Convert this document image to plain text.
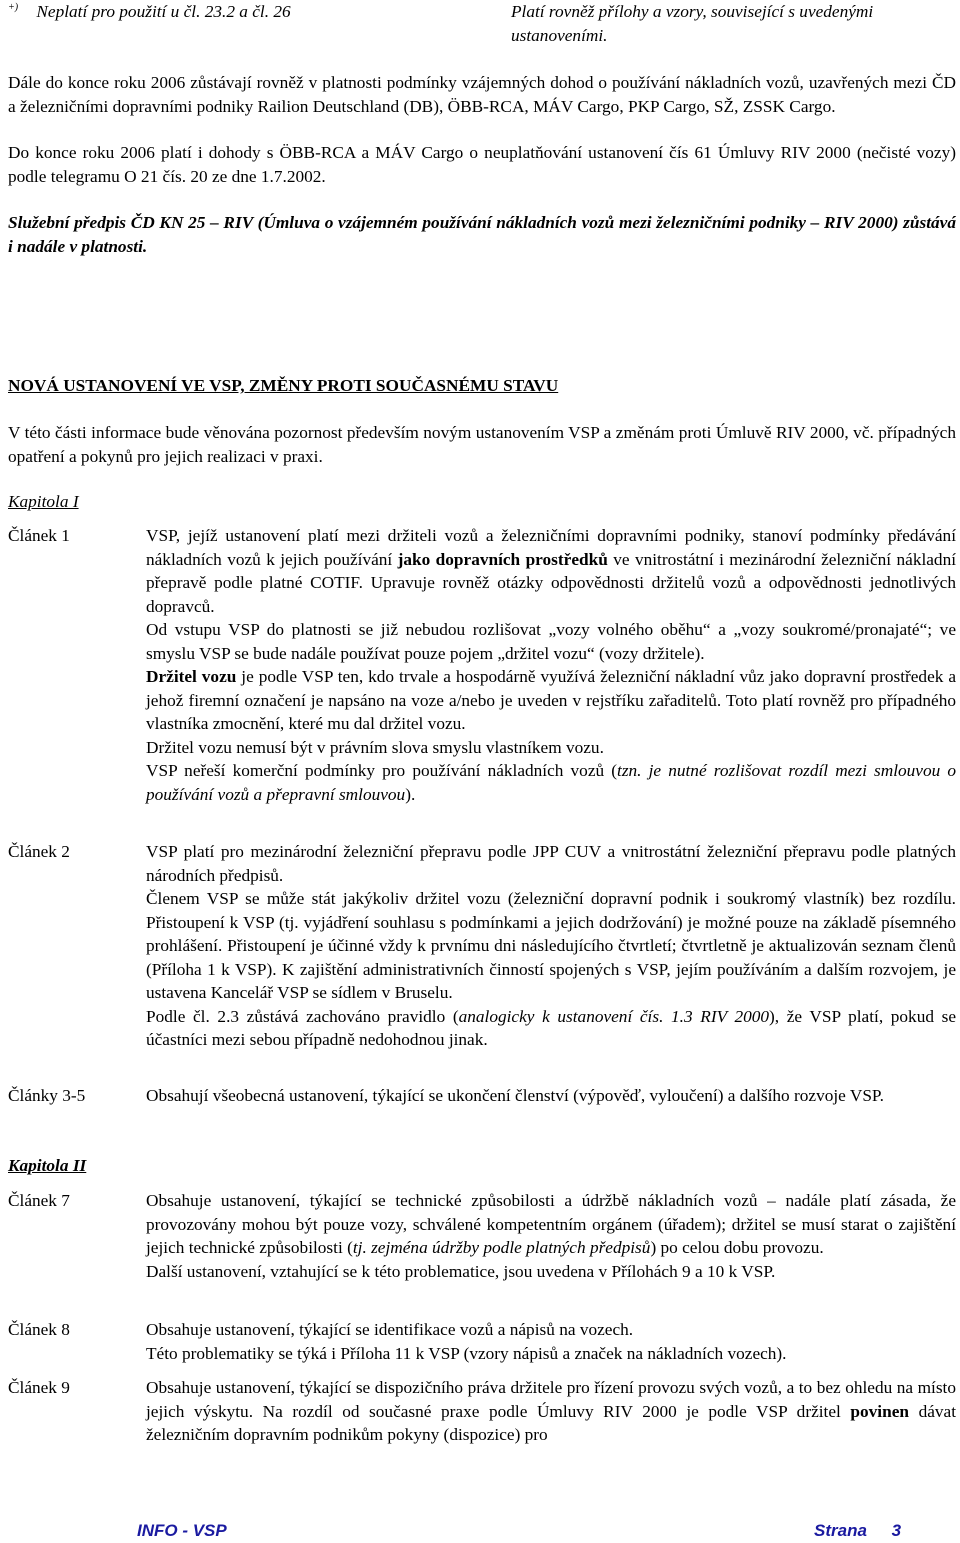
+) Neplatí pro použití u čl. 23.2 a čl. 26	Platí rovněž přílohy a vzory, související s uvedenými ustanoveními.
Dále do konce roku 2006 zůstávají rovněž v platnosti podmínky vzájemných dohod o používání nákladních vozů, uzavřených mezi ČD a železničními dopravními podniky Railion Deutschland (DB), ÖBB-RCA, MÁV Cargo, PKP Cargo, SŽ, ZSSK Cargo.
Do konce roku 2006 platí i dohody s ÖBB-RCA a MÁV Cargo o neuplatňování ustanovení čís 61 Úmluvy RIV 2000 (nečisté vozy) podle telegramu O 21 čís. 20 ze dne 1.7.2002.
Služební předpis ČD KN 25 – RIV (Úmluva o vzájemném používání nákladních vozů mezi železničními podniky – RIV 2000) zůstává i nadále v platnosti.
NOVÁ USTANOVENÍ VE VSP, ZMĚNY PROTI SOUČASNÉMU STAVU
V této části informace bude věnována pozornost především novým ustanovením VSP a změnám proti Úmluvě RIV 2000, vč. případných opatření a pokynů pro jejich realizaci v praxi.
Kapitola I
Článek 1	VSP, jejíž ustanovení platí mezi držiteli vozů a železničními dopravními podniky, stanoví podmínky předávání nákladních vozů k jejich používání jako dopravních prostředků ve vnitrostátní i mezinárodní železniční nákladní přepravě podle platné COTIF. Upravuje rovněž otázky odpovědnosti držitelů vozů a odpovědnosti jednotlivých dopravců.
Od vstupu VSP do platnosti se již nebudou rozlišovat „vozy volného oběhu“ a „vozy soukromé/pronajaté“; ve smyslu VSP se bude nadále používat pouze pojem „držitel vozu“ (vozy držitele).
Držitel vozu je podle VSP ten, kdo trvale a hospodárně využívá železniční nákladní vůz jako dopravní prostředek a jehož firemní označení je napsáno na voze a/nebo je uveden v rejstříku zařaditelů. Toto platí rovněž pro případného vlastníka zmocnění, které mu dal držitel vozu.
Držitel vozu nemusí být v právním slova smyslu vlastníkem vozu.
VSP neřeší komerční podmínky pro používání nákladních vozů (tzn. je nutné rozlišovat rozdíl mezi smlouvou o používání vozů a přepravní smlouvou).
Článek 2	VSP platí pro mezinárodní železniční přepravu podle JPP CUV a vnitrostátní železniční přepravu podle platných národních předpisů.
Členem VSP se může stát jakýkoliv držitel vozu (železniční dopravní podnik i soukromý vlastník) bez rozdílu. Přistoupení k VSP (tj. vyjádření souhlasu s podmínkami a jejich dodržování) je možné pouze na základě písemného prohlášení. Přistoupení je účinné vždy k prvnímu dni následujícího čtvrtletí; čtvrtletně je aktualizován seznam členů (Příloha 1 k VSP). K zajištění administrativních činností spojených s VSP, jejím používáním a dalším rozvojem, je ustavena Kancelář VSP se sídlem v Bruselu.
Podle čl. 2.3 zůstává zachováno pravidlo (analogicky k ustanovení čís. 1.3 RIV 2000), že VSP platí, pokud se účastníci mezi sebou případně nedohodnou jinak.
Články 3-5	Obsahují všeobecná ustanovení, týkající se ukončení členství (výpověď, vyloučení) a dalšího rozvoje VSP.
Kapitola II
Článek 7	Obsahuje ustanovení, týkající se technické způsobilosti a údržbě nákladních vozů – nadále platí zásada, že provozovány mohou být pouze vozy, schválené kompetentním orgánem (úřadem); držitel se musí starat o zajištění jejich technické způsobilosti (tj. zejména údržby podle platných předpisů) po celou dobu provozu.
Další ustanovení, vztahující se k této problematice, jsou uvedena v Přílohách 9 a 10 k VSP.
Článek 8	Obsahuje ustanovení, týkající se identifikace vozů a nápisů na vozech.
Této problematiky se týká i Příloha 11 k VSP (vzory nápisů a značek na nákladních vozech).
Článek 9	Obsahuje ustanovení, týkající se dispozičního práva držitele pro řízení provozu svých vozů, a to bez ohledu na místo jejich výskytu. Na rozdíl od současné praxe podle Úmluvy RIV 2000 je podle VSP držitel povinen dávat železničním dopravním podnikům pokyny (dispozice) pro
INFO - VSP	Strana 3
